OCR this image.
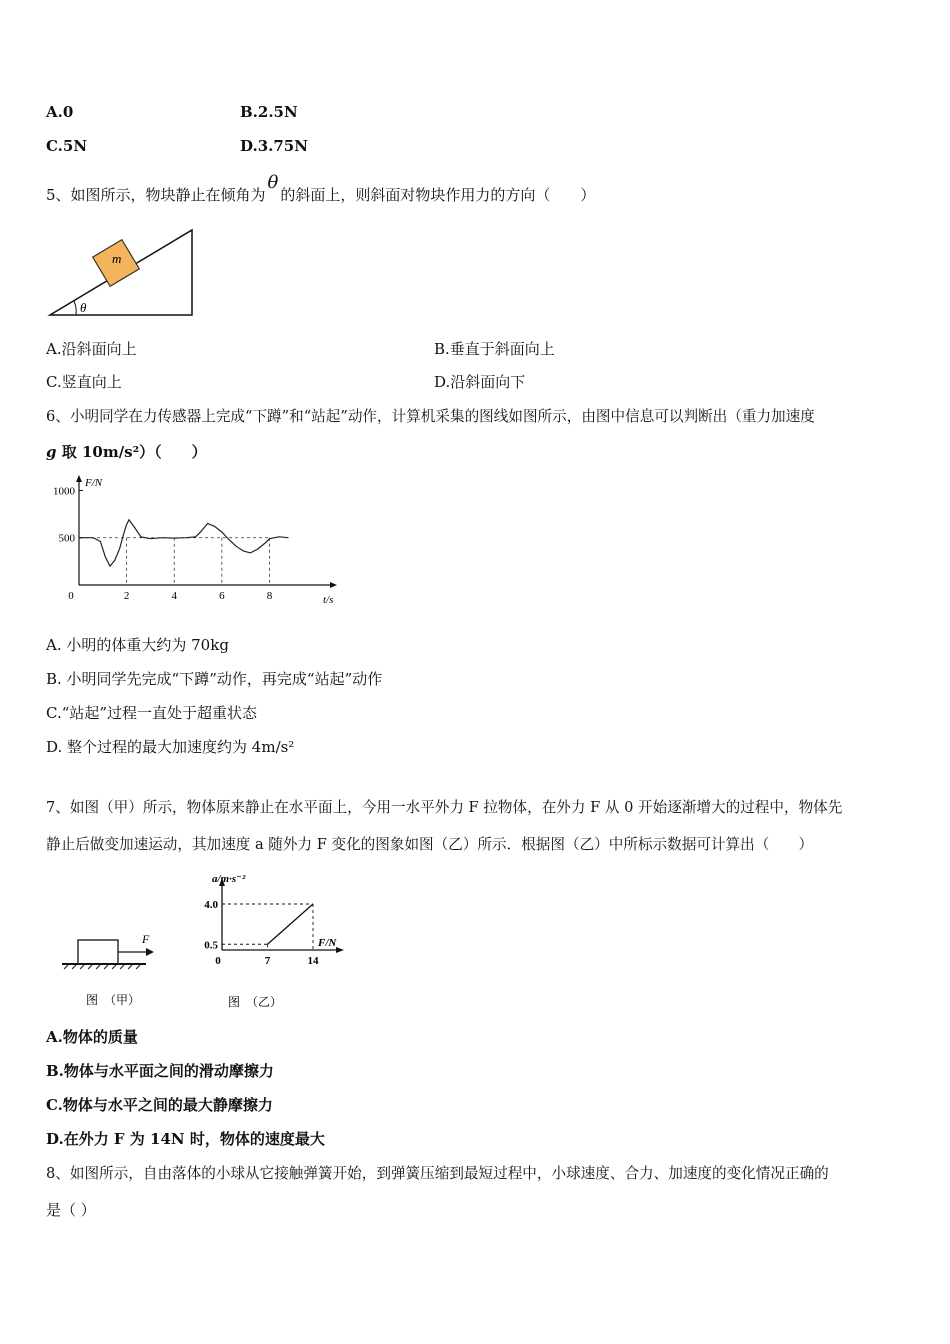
A.0	B.2.5N
C.5N	D.3.75N
5、如图所示，物块静止在倾角为θ的斜面上，则斜面对物块作用力的方向（　　）
m
θ
A.沿斜面向上	B.垂直于斜面向上
C.竖直向上	D.沿斜面向下
6、小明同学在力传感器上完成“下蹲”和“站起”动作，计算机采集的图线如图所示，由图中信息可以判断出（重力加速度
g 取 10m/s²）（　　）
1000
500
0	2	4	6	8	t/s
F/N
A. 小明的体重大约为 70kg
B. 小明同学先完成“下蹲”动作，再完成“站起”动作
C.“站起”过程一直处于超重状态
D. 整个过程的最大加速度约为 4m/s²
7、如图（甲）所示，物体原来静止在水平面上，今用一水平外力 F 拉物体，在外力 F 从 0 开始逐渐增大的过程中，物体先
静止后做变加速运动，其加速度 a 随外力 F 变化的图象如图（乙）所示．根据图（乙）中所标示数据可计算出（　　）
F
图　（甲）
a/m·s⁻²
F/N
4.0
0.5
0	7	14
图　（乙）
A.物体的质量
B.物体与水平面之间的滑动摩擦力
C.物体与水平之间的最大静摩擦力
D.在外力 F 为 14N 时，物体的速度最大
8、如图所示，自由落体的小球从它接触弹簧开始，到弹簧压缩到最短过程中，小球速度、合力、加速度的变化情况正确的
是（ ）
